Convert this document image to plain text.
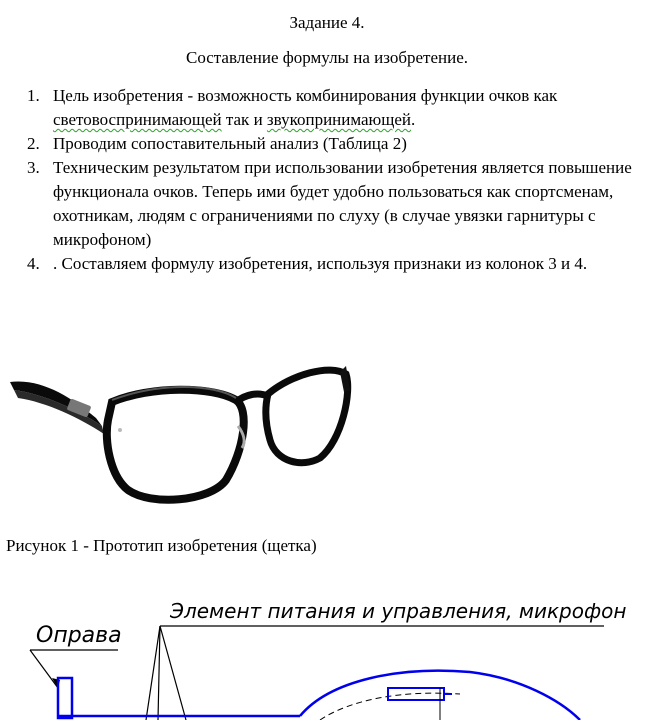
Задание 4.
Составление формулы на изобретение.
1. Цель изобретения - возможность комбинирования функции очков как световоспринимающей так и звукопринимающей.
2. Проводим сопоставительный анализ (Таблица 2)
3. Техническим результатом при использовании изобретения является повышение функционала очков. Теперь ими будет удобно пользоваться как спортсменам, охотникам, людям с ограничениями по слуху (в случае увязки гарнитуры с микрофоном)
4. . Составляем формулу изобретения, используя признаки из колонок 3 и 4.
Рисунок 1 - Прототип изобретения (щетка)
Оправа
Элемент питания и управления, микрофон
